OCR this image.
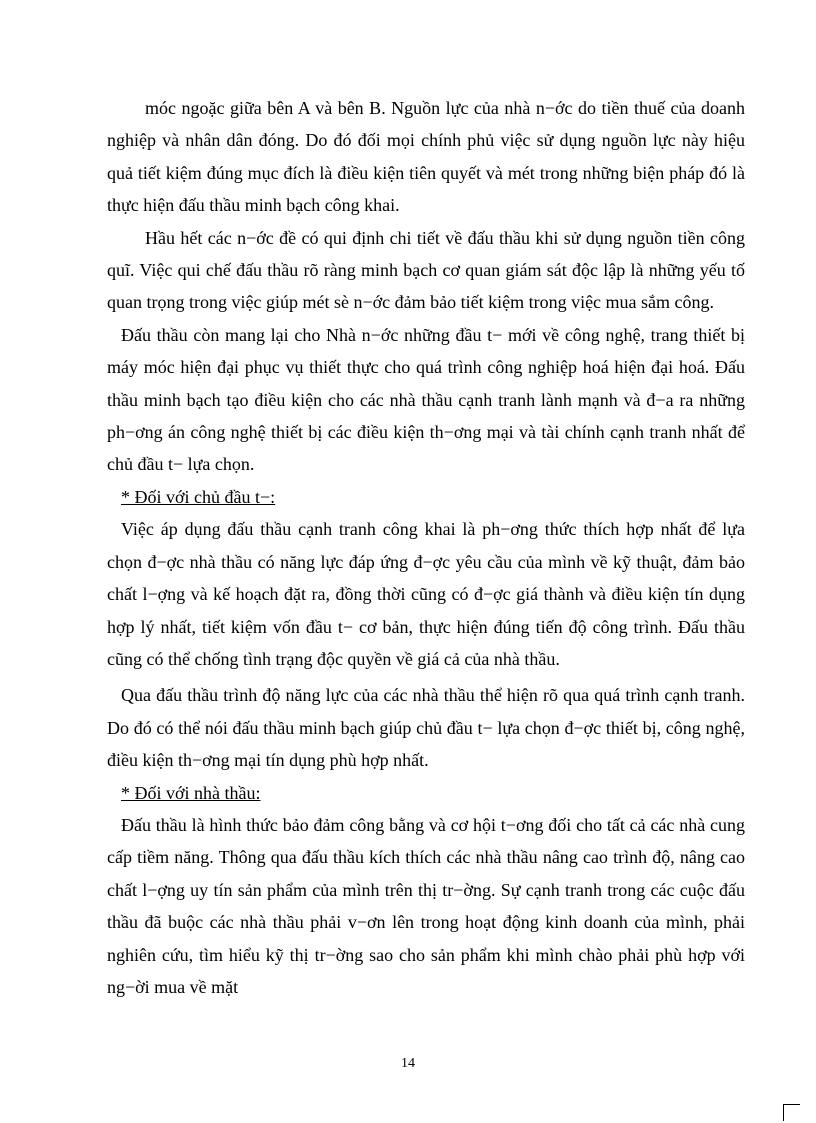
móc ngoặc giữa bên A và bên B. Nguồn lực của nhà n−ớc do tiền thuế của doanh nghiệp và nhân dân đóng. Do đó đối mọi chính phủ việc sử dụng nguồn lực này hiệu quả tiết kiệm đúng mục đích là điều kiện tiên quyết và mét trong những biện pháp đó là thực hiện đấu thầu minh bạch công khai.

Hầu hết các n−ớc đề có qui định chi tiết về đấu thầu khi sử dụng nguồn tiền công quĩ. Việc qui chế đấu thầu rõ ràng minh bạch cơ quan giám sát độc lập là những yếu tố quan trọng trong việc giúp mét sè n−ớc đảm bảo tiết kiệm trong việc mua sắm công.

Đấu thầu còn mang lại cho Nhà n−ớc những đầu t− mới về công nghệ, trang thiết bị máy móc hiện đại phục vụ thiết thực cho quá trình công nghiệp hoá hiện đại hoá. Đấu thầu minh bạch tạo điều kiện cho các nhà thầu cạnh tranh lành mạnh và đ−a ra những ph−ơng án công nghệ thiết bị các điều kiện th−ơng mại và tài chính cạnh tranh nhất để chủ đầu t− lựa chọn.

* Đối với chủ đầu t−:

Việc áp dụng đấu thầu cạnh tranh công khai là ph−ơng thức thích hợp nhất để lựa chọn đ−ợc nhà thầu có năng lực đáp ứng đ−ợc yêu cầu của mình về kỹ thuật, đảm bảo chất l−ợng và kế hoạch đặt ra, đồng thời cũng có đ−ợc giá thành và điều kiện tín dụng hợp lý nhất, tiết kiệm vốn đầu t− cơ bản, thực hiện đúng tiến độ công trình. Đấu thầu cũng có thể chống tình trạng độc quyền về giá cả của nhà thầu.

Qua đấu thầu trình độ năng lực của các nhà thầu thể hiện rõ qua quá trình cạnh tranh. Do đó có thể nói đấu thầu minh bạch giúp chủ đầu t− lựa chọn đ−ợc thiết bị, công nghệ, điều kiện th−ơng mại tín dụng phù hợp nhất.

* Đối với nhà thầu:

Đấu thầu là hình thức bảo đảm công bằng và cơ hội t−ơng đối cho tất cả các nhà cung cấp tiềm năng. Thông qua đấu thầu kích thích các nhà thầu nâng cao trình độ, nâng cao chất l−ợng uy tín sản phẩm của mình trên thị tr−ờng. Sự cạnh tranh trong các cuộc đấu thầu đã buộc các nhà thầu phải v−ơn lên trong hoạt động kinh doanh của mình, phải nghiên cứu, tìm hiểu kỹ thị tr−ờng sao cho sản phẩm khi mình chào phải phù hợp với ng−ời mua về mặt

14
